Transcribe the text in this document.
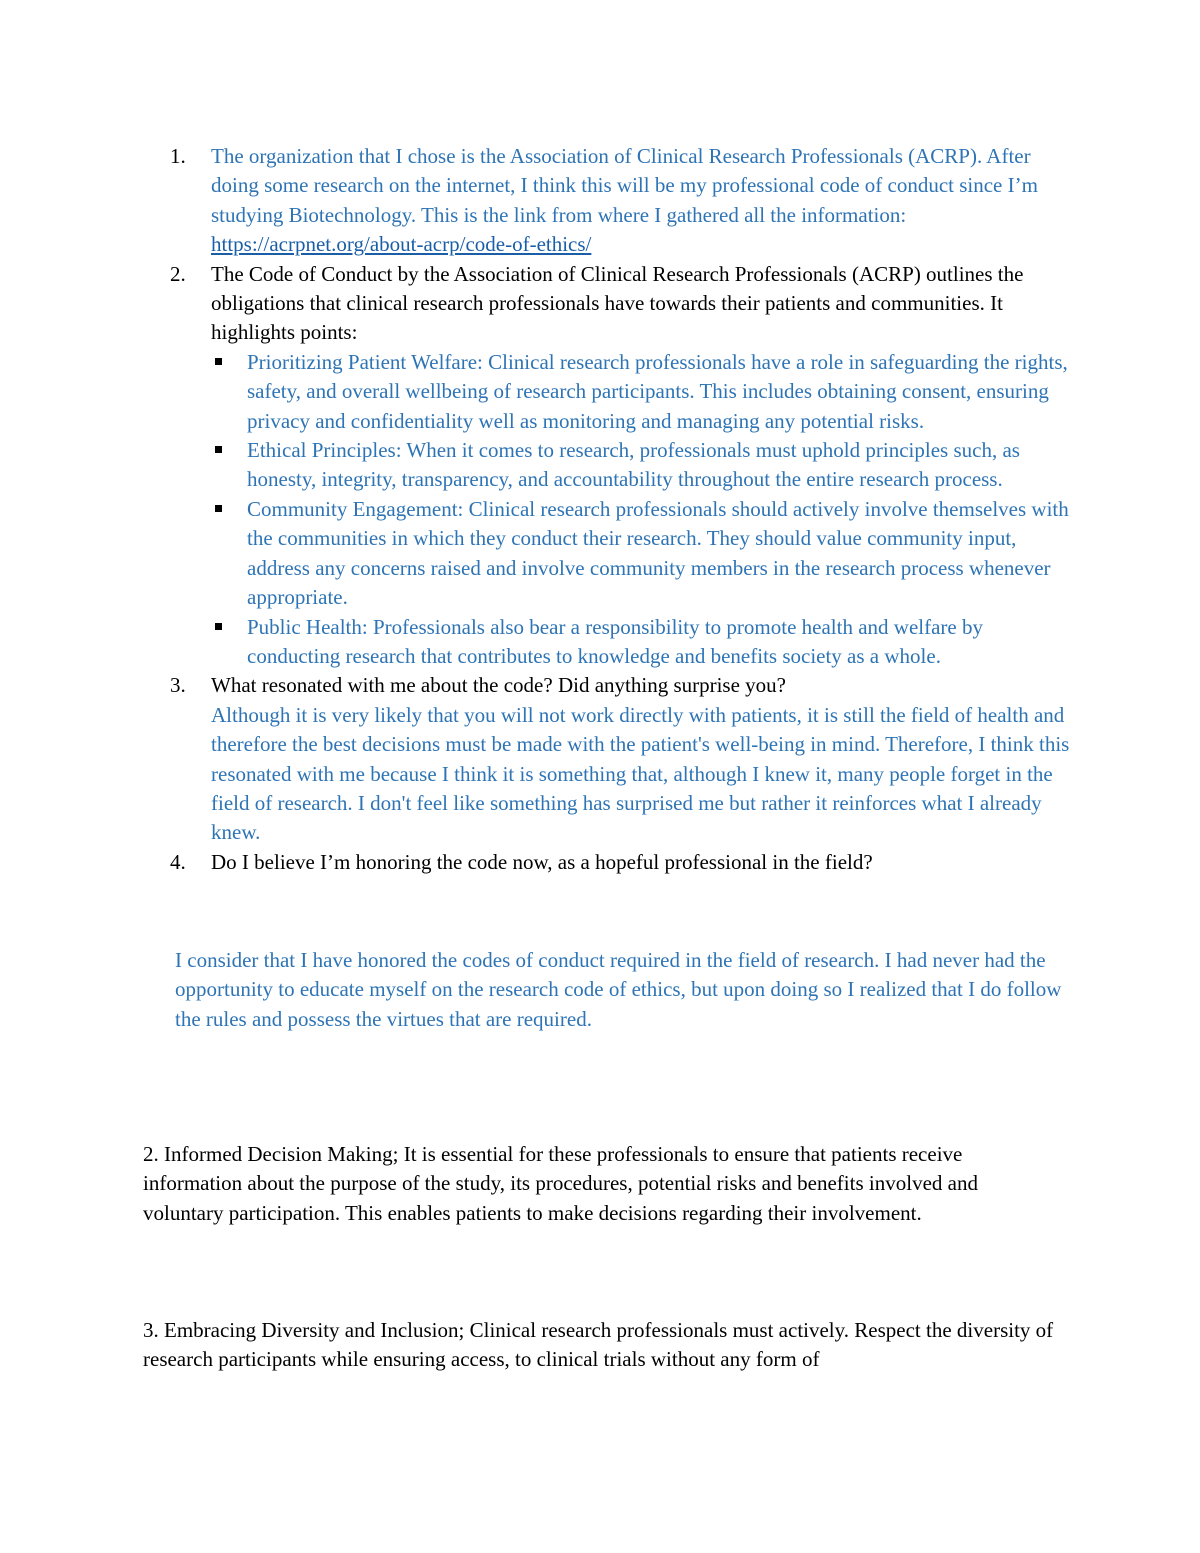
1.	The organization that I chose is the Association of Clinical Research Professionals (ACRP). After doing some research on the internet, I think this will be my professional code of conduct since I’m studying Biotechnology. This is the link from where I gathered all the information: https://acrpnet.org/about-acrp/code-of-ethics/
2.	The Code of Conduct by the Association of Clinical Research Professionals (ACRP) outlines the obligations that clinical research professionals have towards their patients and communities. It highlights points:
Prioritizing Patient Welfare: Clinical research professionals have a role in safeguarding the rights, safety, and overall wellbeing of research participants. This includes obtaining consent, ensuring privacy and confidentiality well as monitoring and managing any potential risks.
Ethical Principles: When it comes to research, professionals must uphold principles such, as honesty, integrity, transparency, and accountability throughout the entire research process.
Community Engagement: Clinical research professionals should actively involve themselves with the communities in which they conduct their research. They should value community input, address any concerns raised and involve community members in the research process whenever appropriate.
Public Health: Professionals also bear a responsibility to promote health and welfare by conducting research that contributes to knowledge and benefits society as a whole.
3.	What resonated with me about the code? Did anything surprise you?
Although it is very likely that you will not work directly with patients, it is still the field of health and therefore the best decisions must be made with the patient's well-being in mind. Therefore, I think this resonated with me because I think it is something that, although I knew it, many people forget in the field of research. I don't feel like something has surprised me but rather it reinforces what I already knew.
4.	Do I believe I’m honoring the code now, as a hopeful professional in the field?
I consider that I have honored the codes of conduct required in the field of research. I had never had the opportunity to educate myself on the research code of ethics, but upon doing so I realized that I do follow the rules and possess the virtues that are required.
2. Informed Decision Making; It is essential for these professionals to ensure that patients receive information about the purpose of the study, its procedures, potential risks and benefits involved and voluntary participation. This enables patients to make decisions regarding their involvement.
3. Embracing Diversity and Inclusion; Clinical research professionals must actively. Respect the diversity of research participants while ensuring access, to clinical trials without any form of
